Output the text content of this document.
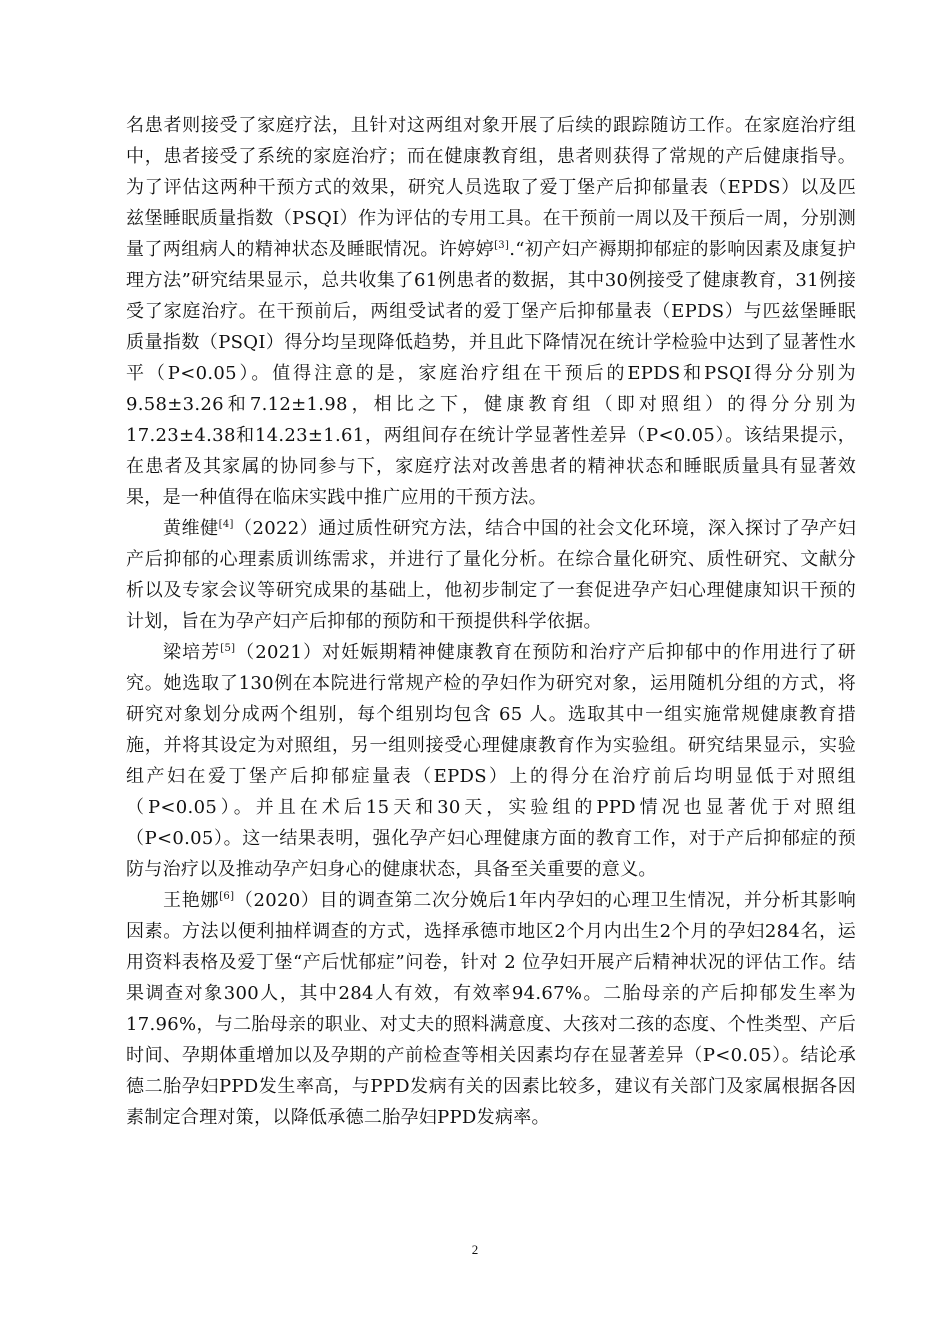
名患者则接受了家庭疗法，且针对这两组对象开展了后续的跟踪随访工作。在家庭治疗组中，患者接受了系统的家庭治疗；而在健康教育组，患者则获得了常规的产后健康指导。为了评估这两种干预方式的效果，研究人员选取了爱丁堡产后抑郁量表（EPDS）以及匹兹堡睡眠质量指数（PSQI）作为评估的专用工具。在干预前一周以及干预后一周，分别测量了两组病人的精神状态及睡眠情况。许婷婷[3].“初产妇产褥期抑郁症的影响因素及康复护理方法”研究结果显示，总共收集了61例患者的数据，其中30例接受了健康教育，31例接受了家庭治疗。在干预前后，两组受试者的爱丁堡产后抑郁量表（EPDS）与匹兹堡睡眠质量指数（PSQI）得分均呈现降低趋势，并且此下降情况在统计学检验中达到了显著性水平（P<0.05）。值得注意的是，家庭治疗组在干预后的EPDS和PSQI得分分别为9.58±3.26和7.12±1.98，相比之下，健康教育组（即对照组）的得分分别为17.23±4.38和14.23±1.61，两组间存在统计学显著性差异（P<0.05）。该结果提示，在患者及其家属的协同参与下，家庭疗法对改善患者的精神状态和睡眠质量具有显著效果，是一种值得在临床实践中推广应用的干预方法。

黄维健[4]（2022）通过质性研究方法，结合中国的社会文化环境，深入探讨了孕产妇产后抑郁的心理素质训练需求，并进行了量化分析。在综合量化研究、质性研究、文献分析以及专家会议等研究成果的基础上，他初步制定了一套促进孕产妇心理健康知识干预的计划，旨在为孕产妇产后抑郁的预防和干预提供科学依据。

梁培芳[5]（2021）对妊娠期精神健康教育在预防和治疗产后抑郁中的作用进行了研究。她选取了130例在本院进行常规产检的孕妇作为研究对象，运用随机分组的方式，将研究对象划分成两个组别，每个组别均包含 65 人。选取其中一组实施常规健康教育措施，并将其设定为对照组，另一组则接受心理健康教育作为实验组。研究结果显示，实验组产妇在爱丁堡产后抑郁症量表（EPDS）上的得分在治疗前后均明显低于对照组（P<0.05）。并且在术后15天和30天，实验组的PPD情况也显著优于对照组（P<0.05）。这一结果表明，强化孕产妇心理健康方面的教育工作，对于产后抑郁症的预防与治疗以及推动孕产妇身心的健康状态，具备至关重要的意义。

王艳娜[6]（2020）目的调查第二次分娩后1年内孕妇的心理卫生情况，并分析其影响因素。方法以便利抽样调查的方式，选择承德市地区2个月内出生2个月的孕妇284名，运用资料表格及爱丁堡“产后忧郁症”问卷，针对 2 位孕妇开展产后精神状况的评估工作。结果调查对象300人，其中284人有效，有效率94.67%。二胎母亲的产后抑郁发生率为17.96%，与二胎母亲的职业、对丈夫的照料满意度、大孩对二孩的态度、个性类型、产后时间、孕期体重增加以及孕期的产前检查等相关因素均存在显著差异（P<0.05）。结论承德二胎孕妇PPD发生率高，与PPD发病有关的因素比较多，建议有关部门及家属根据各因素制定合理对策，以降低承德二胎孕妇PPD发病率。

2
